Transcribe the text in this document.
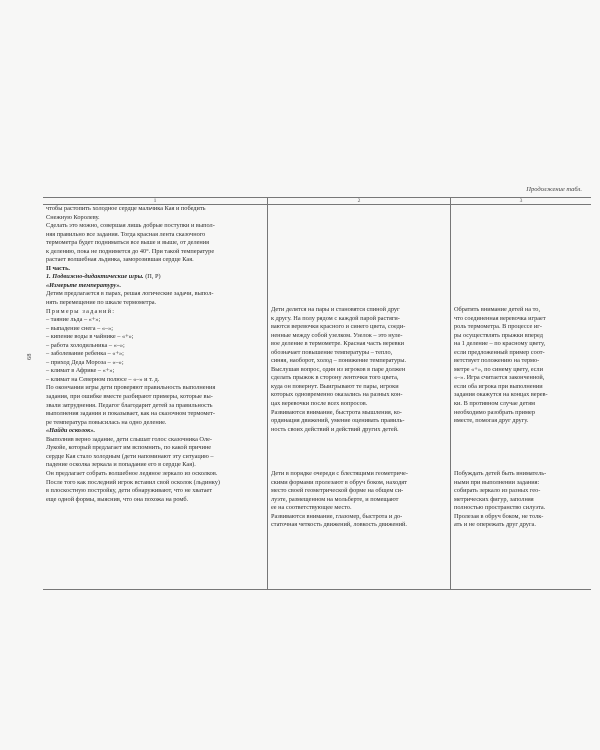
Продолжение табл.
68
1	2	3

чтобы растопить холодное сердце мальчика Кая и победить

Снежную Королеву.

Сделать это можно, совершая лишь добрые поступки и выпол-

няя правильно все задания. Тогда красная лента сказочного

термометра будет подниматься все выше и выше, от деления

к делению, пока не поднимется до 40°. При такой температуре

растает волшебная льдинка, заморозившая сердце Кая.

II часть.

1. Подвижно-дидактические игры. (П, Р)

«Измерьте температуру».

Детям предлагается в парах, решая логические задачи, выпол-

нять перемещение по шкале термометра.

Примеры заданий:

– таяние льда – «+»;

– выпадение снега – «–»;

– кипение воды в чайнике – «+»;

– работа холодильника – «–»;

– заболевание ребенка – «+»;

– приход Деда Мороза – «–»;

– климат в Африке – «+»;

– климат на Северном полюсе – «–» и т. д.

По окончании игры дети проверяют правильность выполнения

задания, при ошибке вместе разбирают примеры, которые вы-

звали затруднения. Педагог благодарит детей за правильность

выполнения задания и показывает, как на сказочном термомет-

ре температура повысилась на одно деление.

«Найди осколок».

Выполнив верно задание, дети слышат голос сказочника Оле-

Лукойе, который предлагает им вспомнить, по какой причине

сердце Кая стало холодным (дети напоминают эту ситуацию –

падение осколка зеркала и попадание его в сердце Кая).

Он предлагает собрать волшебное ледяное зеркало из осколков.

После того как последний игрок вставил свой осколок (льдинку)

в плоскостную постройку, дети обнаруживают, что не хватает

еще одной формы, выяснив, что она похожа на ромб.

Дети делятся на пары и становятся спиной друг

к другу. На полу рядом с каждой парой растяги-

ваются веревочки красного и синего цвета, соеди-

ненные между собой узелком. Узелок – это нуле-

вое деление в термометре. Красная часть веревки

обозначает повышение температуры – тепло,

синяя, наоборот, холод – понижение температуры.

Выслушав вопрос, один из игроков в паре должен

сделать прыжок в сторону ленточки того цвета,

куда он повернут. Выигрывают те пары, игроки

которых одновременно оказались на разных кон-

цах веревочки после всех вопросов.

Развиваются внимание, быстрота мышления, ко-

ординация движений, умение оценивать правиль-

ность своих действий и действий других детей.

Дети в порядке очереди с блестящими геометриче-

скими формами пролезают в обруч боком, находят

место своей геометрической форме на общем си-

луэте, размещенном на мольберте, и помещают

ее на соответствующее место.

Развиваются внимание, глазомер, быстрота и до-

статочная четкость движений, ловкость движений.

Обратить внимание детей на то,

что соединенная веревочка играет

роль термометра. В процессе иг-

ры осуществлять прыжки вперед

на 1 деление – по красному цвету,

если предложенный пример соот-

ветствует положению на термо-

метре «+», по синему цвету, если

«–». Игра считается законченной,

если оба игрока при выполнении

задания окажутся на концах верев-

ки. В противном случае детям

необходимо разобрать пример

вместе, помогая друг другу.

Побуждать детей быть вниматель-

ными при выполнении задания:

собирать зеркало из разных гео-

метрических фигур, заполняя

полностью пространство силуэта.

Пролезая в обруч боком, не толк-

ать и не опережать друг друга.
